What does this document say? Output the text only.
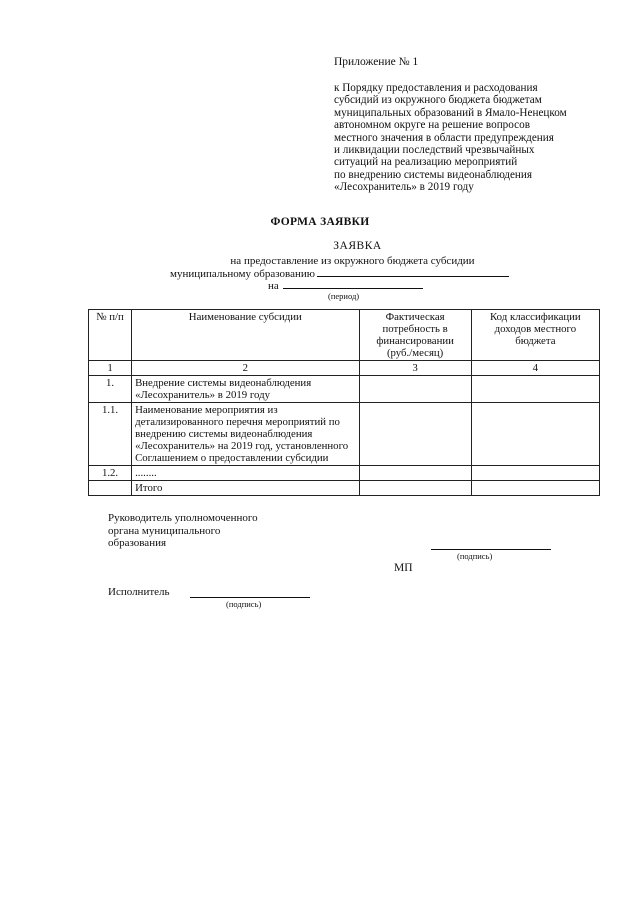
Приложение № 1
к Порядку предоставления и расходования
субсидий из окружного бюджета бюджетам
муниципальных образований в Ямало-Ненецком
автономном округе на решение вопросов
местного значения в области предупреждения
и ликвидации последствий чрезвычайных
ситуаций на реализацию мероприятий
по внедрению системы видеонаблюдения
«Лесохранитель» в 2019 году
ФОРМА ЗАЯВКИ
ЗАЯВКА
на предоставление из окружного бюджета субсидии
муниципальному образованию
на
(период)
№ п/п	Наименование субсидии	Фактическая потребность в финансировании (руб./месяц)	Код классификации доходов местного бюджета
1	2	3	4
1.	Внедрение системы видеонаблюдения «Лесохранитель» в 2019 году		
1.1.	Наименование мероприятия из детализированного перечня мероприятий по внедрению системы видеонаблюдения «Лесохранитель» на 2019 год, установленного Соглашением о предоставлении субсидии		
1.2.	........		
	Итого		
Руководитель уполномоченного
органа муниципального
образования
(подпись)
МП
Исполнитель
(подпись)
